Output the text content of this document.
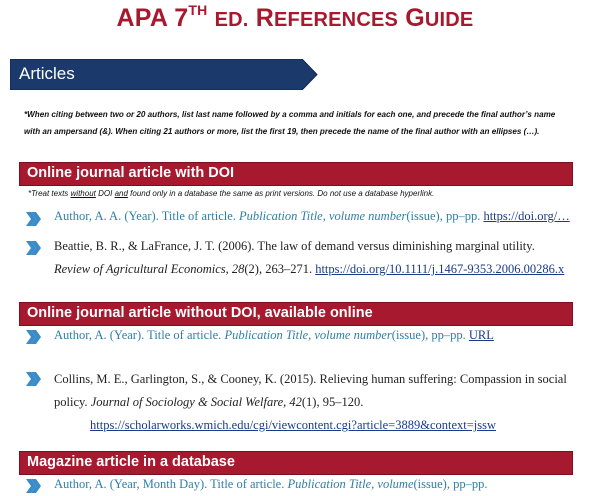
APA 7TH ED. REFERENCES GUIDE
Articles
*When citing between two or 20 authors, list last name followed by a comma and initials for each one, and precede the final author’s name with an ampersand (&). When citing 21 authors or more, list the first 19, then precede the name of the final author with an ellipses (…).
Online journal article with DOI
*Treat texts without DOI and found only in a database the same as print versions. Do not use a database hyperlink.
Author, A. A. (Year). Title of article. Publication Title, volume number(issue), pp–pp. https://doi.org/…
Beattie, B. R., & LaFrance, J. T. (2006). The law of demand versus diminishing marginal utility. Review of Agricultural Economics, 28(2), 263–271. https://doi.org/10.1111/j.1467-9353.2006.00286.x
Online journal article without DOI, available online
Author, A. (Year). Title of article. Publication Title, volume number(issue), pp–pp. URL
Collins, M. E., Garlington, S., & Cooney, K. (2015). Relieving human suffering: Compassion in social policy. Journal of Sociology & Social Welfare, 42(1), 95–120.
https://scholarworks.wmich.edu/cgi/viewcontent.cgi?article=3889&context=jssw
Magazine article in a database
Author, A. (Year, Month Day). Title of article. Publication Title, volume(issue), pp–pp.
